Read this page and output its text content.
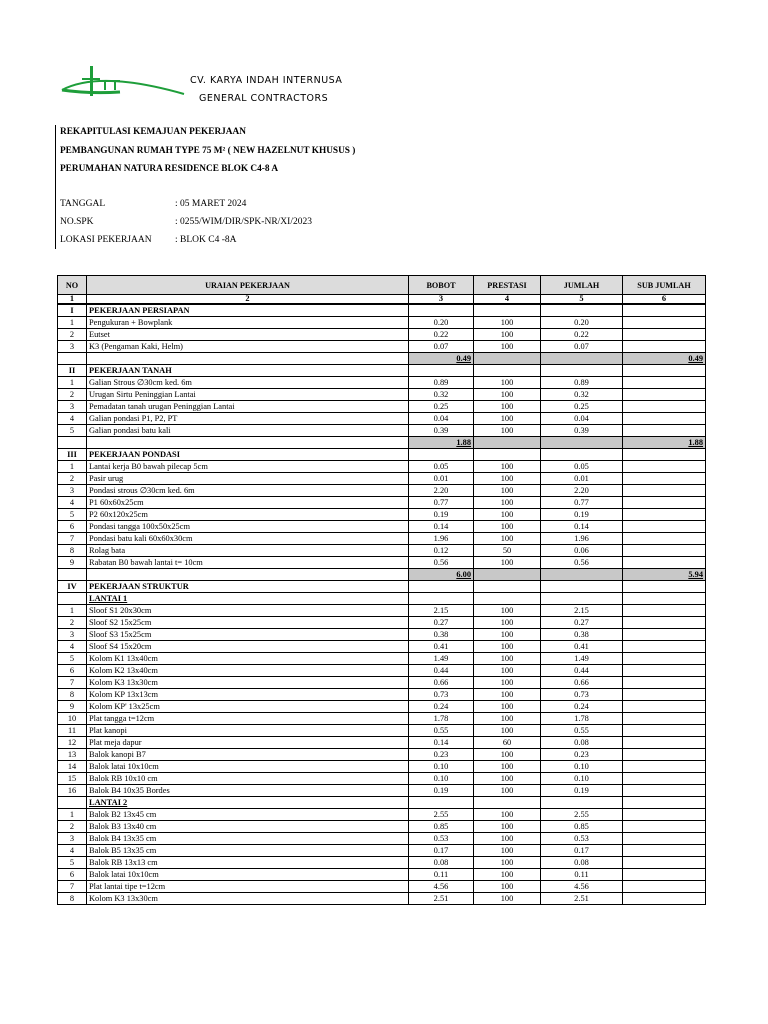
CV. KARYA INDAH INTERNUSA
GENERAL CONTRACTORS
REKAPITULASI KEMAJUAN PEKERJAAN
PEMBANGUNAN RUMAH TYPE 75 M² ( NEW HAZELNUT KHUSUS )
PERUMAHAN NATURA RESIDENCE BLOK C4-8 A
TANGGAL	: 05 MARET 2024
NO.SPK	: 0255/WIM/DIR/SPK-NR/XI/2023
LOKASI PEKERJAAN : BLOK C4 -8A
NO	URAIAN PEKERJAAN	BOBOT	PRESTASI	JUMLAH	SUB JUMLAH
1	2	3	4	5	6
I	PEKERJAAN PERSIAPAN				
1	Pengukuran + Bowplank	0.20	100	0.20	
2	Eutset	0.22	100	0.22	
3	K3 (Pengaman Kaki, Helm)	0.07	100	0.07	
		0.49			0.49
II	PEKERJAAN TANAH				
1	Galian Strous ∅30cm ked. 6m	0.89	100	0.89	
2	Urugan Sirtu Peninggian Lantai	0.32	100	0.32	
3	Pemadatan tanah urugan Peninggian Lantai	0.25	100	0.25	
4	Galian pondasi P1, P2, PT	0.04	100	0.04	
5	Galian pondasi batu kali	0.39	100	0.39	
		1.88			1.88
III	PEKERJAAN PONDASI				
1	Lantai kerja B0 bawah pilecap 5cm	0.05	100	0.05	
2	Pasir urug	0.01	100	0.01	
3	Pondasi strous ∅30cm ked. 6m	2.20	100	2.20	
4	P1 60x60x25cm	0.77	100	0.77	
5	P2 60x120x25cm	0.19	100	0.19	
6	Pondasi tangga 100x50x25cm	0.14	100	0.14	
7	Pondasi batu kali 60x60x30cm	1.96	100	1.96	
8	Rolag bata	0.12	50	0.06	
9	Rabatan B0 bawah lantai t= 10cm	0.56	100	0.56	
		6.00			5.94
IV	PEKERJAAN STRUKTUR				
	LANTAI 1				
1	Sloof S1 20x30cm	2.15	100	2.15	
2	Sloof S2 15x25cm	0.27	100	0.27	
3	Sloof S3 15x25cm	0.38	100	0.38	
4	Sloof S4 15x20cm	0.41	100	0.41	
5	Kolom K1 13x40cm	1.49	100	1.49	
6	Kolom K2 13x40cm	0.44	100	0.44	
7	Kolom K3 13x30cm	0.66	100	0.66	
8	Kolom KP 13x13cm	0.73	100	0.73	
9	Kolom KP' 13x25cm	0.24	100	0.24	
10	Plat tangga t=12cm	1.78	100	1.78	
11	Plat kanopi	0.55	100	0.55	
12	Plat meja dapur	0.14	60	0.08	
13	Balok kanopi B7	0.23	100	0.23	
14	Balok latai 10x10cm	0.10	100	0.10	
15	Balok RB 10x10 cm	0.10	100	0.10	
16	Balok B4 10x35 Bordes	0.19	100	0.19	
	LANTAI 2				
1	Balok B2 13x45 cm	2.55	100	2.55	
2	Balok B3 13x40 cm	0.85	100	0.85	
3	Balok B4 13x35 cm	0.53	100	0.53	
4	Balok B5 13x35 cm	0.17	100	0.17	
5	Balok RB 13x13 cm	0.08	100	0.08	
6	Balok latai 10x10cm	0.11	100	0.11	
7	Plat lantai tipe t=12cm	4.56	100	4.56	
8	Kolom K3 13x30cm	2.51	100	2.51	
